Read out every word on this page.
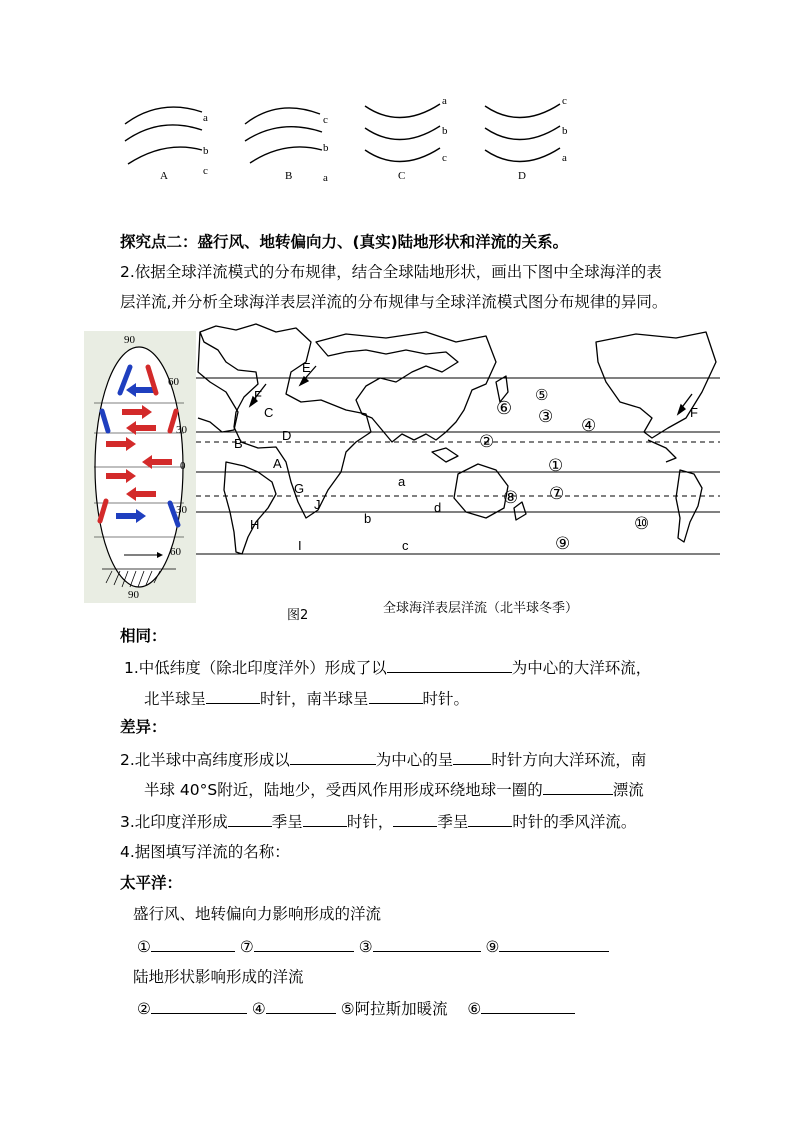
a
b
c
A
c
b
a
B
a
b
c
C
c
b
a
D
探究点二：盛行风、地转偏向力、(真实)陆地形状和洋流的关系。
2.依据全球洋流模式的分布规律，结合全球陆地形状，画出下图中全球海洋的表
层洋流,并分析全球海洋表层洋流的分布规律与全球洋流模式图分布规律的异同。
90
60
30
0
30
60
90
E
F
C
B
D
A
G
J
H
I
a
b
c
d
F
⑤
⑥ ③ ④
②
①
⑧ ⑦
⑩
⑨
图2	全球海洋表层洋流（北半球冬季）
相同：
1.中低纬度（除北印度洋外）形成了以	为中心的大洋环流，
北半球呈	时针，南半球呈	时针。
差异：
2.北半球中高纬度形成以	为中心的呈 时针方向大洋环流，南
半球 40°S附近，陆地少，受西风作用形成环绕地球一圈的	漂流
3.北印度洋形成	季呈	时针，	季呈	时针的季风洋流。
4.据图填写洋流的名称：
太平洋：
盛行风、地转偏向力影响形成的洋流
①	⑦	③	⑨
陆地形状影响形成的洋流
②	④	⑤阿拉斯加暖流 ⑥
